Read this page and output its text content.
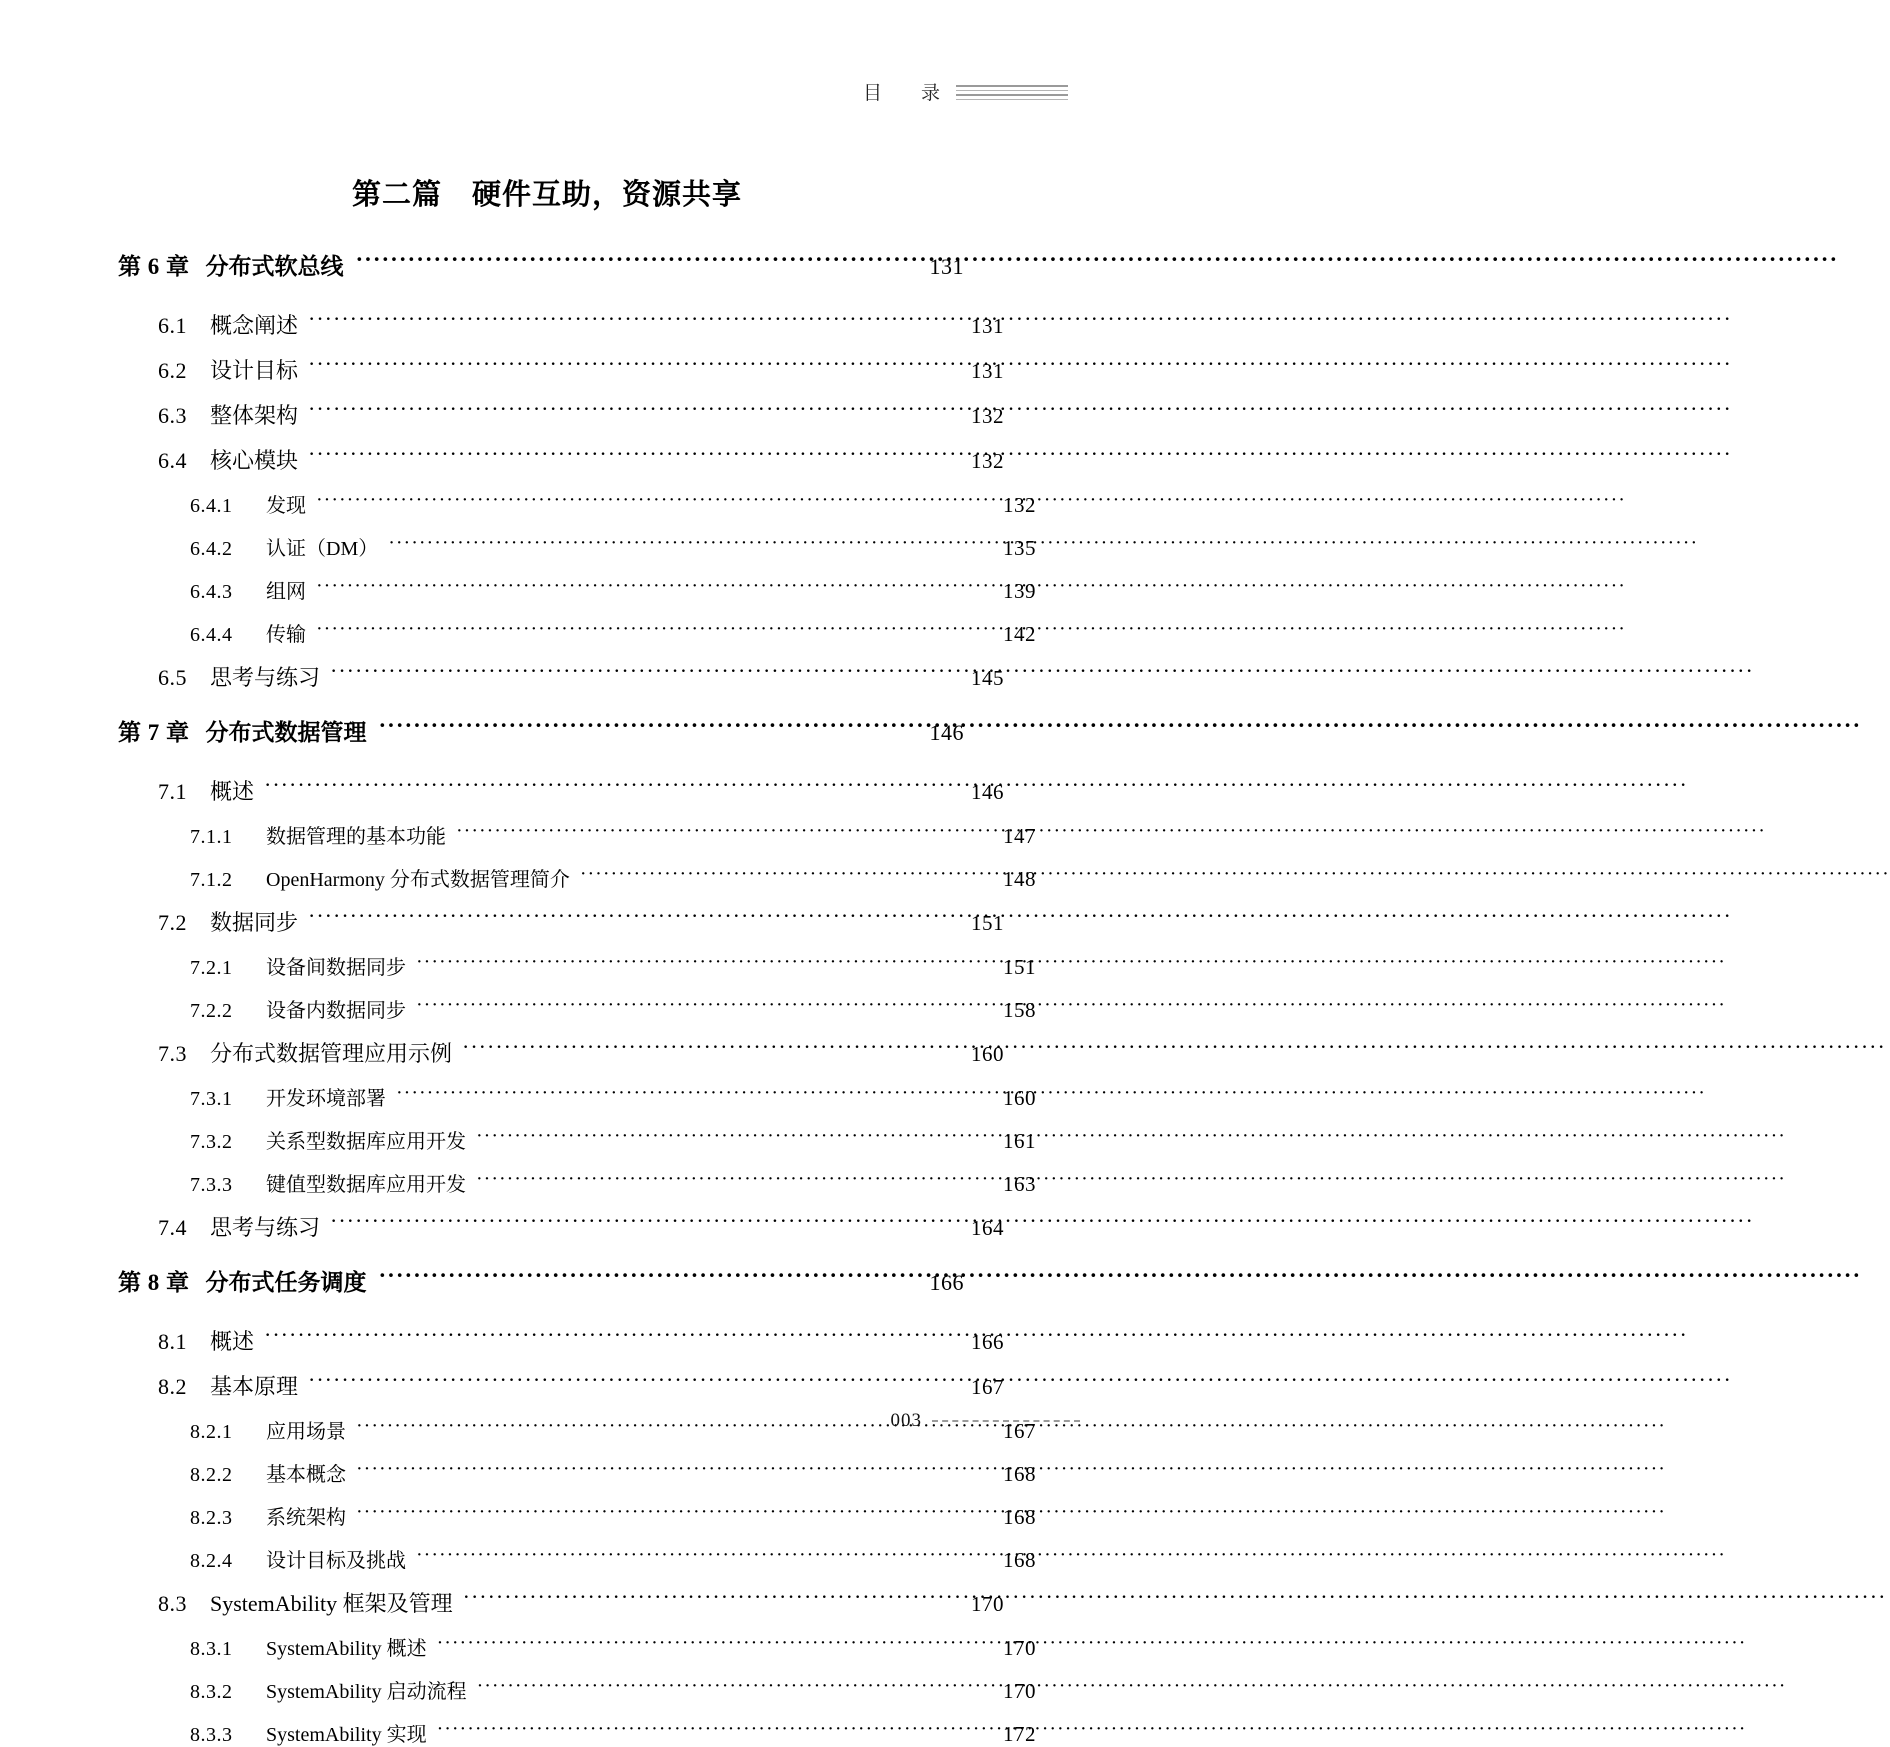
目　录
第二篇　硬件互助，资源共享
第 6 章 分布式软总线 ·····	131
6.1	概念阐述 ·····	131
6.2	设计目标 ·····	131
6.3	整体架构 ·····	132
6.4	核心模块 ·····	132
6.4.1	发现 ·····	132
6.4.2	认证（DM） ·····	135
6.4.3	组网 ·····	139
6.4.4	传输 ·····	142
6.5	思考与练习 ·····	145
第 7 章 分布式数据管理 ·····	146
7.1	概述 ·····	146
7.1.1	数据管理的基本功能 ·····	147
7.1.2	OpenHarmony 分布式数据管理简介 ·····	148
7.2	数据同步 ·····	151
7.2.1	设备间数据同步 ·····	151
7.2.2	设备内数据同步 ·····	158
7.3	分布式数据管理应用示例 ·····	160
7.3.1	开发环境部署 ·····	160
7.3.2	关系型数据库应用开发 ·····	161
7.3.3	键值型数据库应用开发 ·····	163
7.4	思考与练习 ·····	164
第 8 章 分布式任务调度 ·····	166
8.1	概述 ·····	166
8.2	基本原理 ·····	167
8.2.1	应用场景 ·····	167
8.2.2	基本概念 ·····	168
8.2.3	系统架构 ·····	168
8.2.4	设计目标及挑战 ·····	168
8.3	SystemAbility 框架及管理 ·····	170
8.3.1	SystemAbility 概述 ·····	170
8.3.2	SystemAbility 启动流程 ·····	170
8.3.3	SystemAbility 实现 ·····	172
003
